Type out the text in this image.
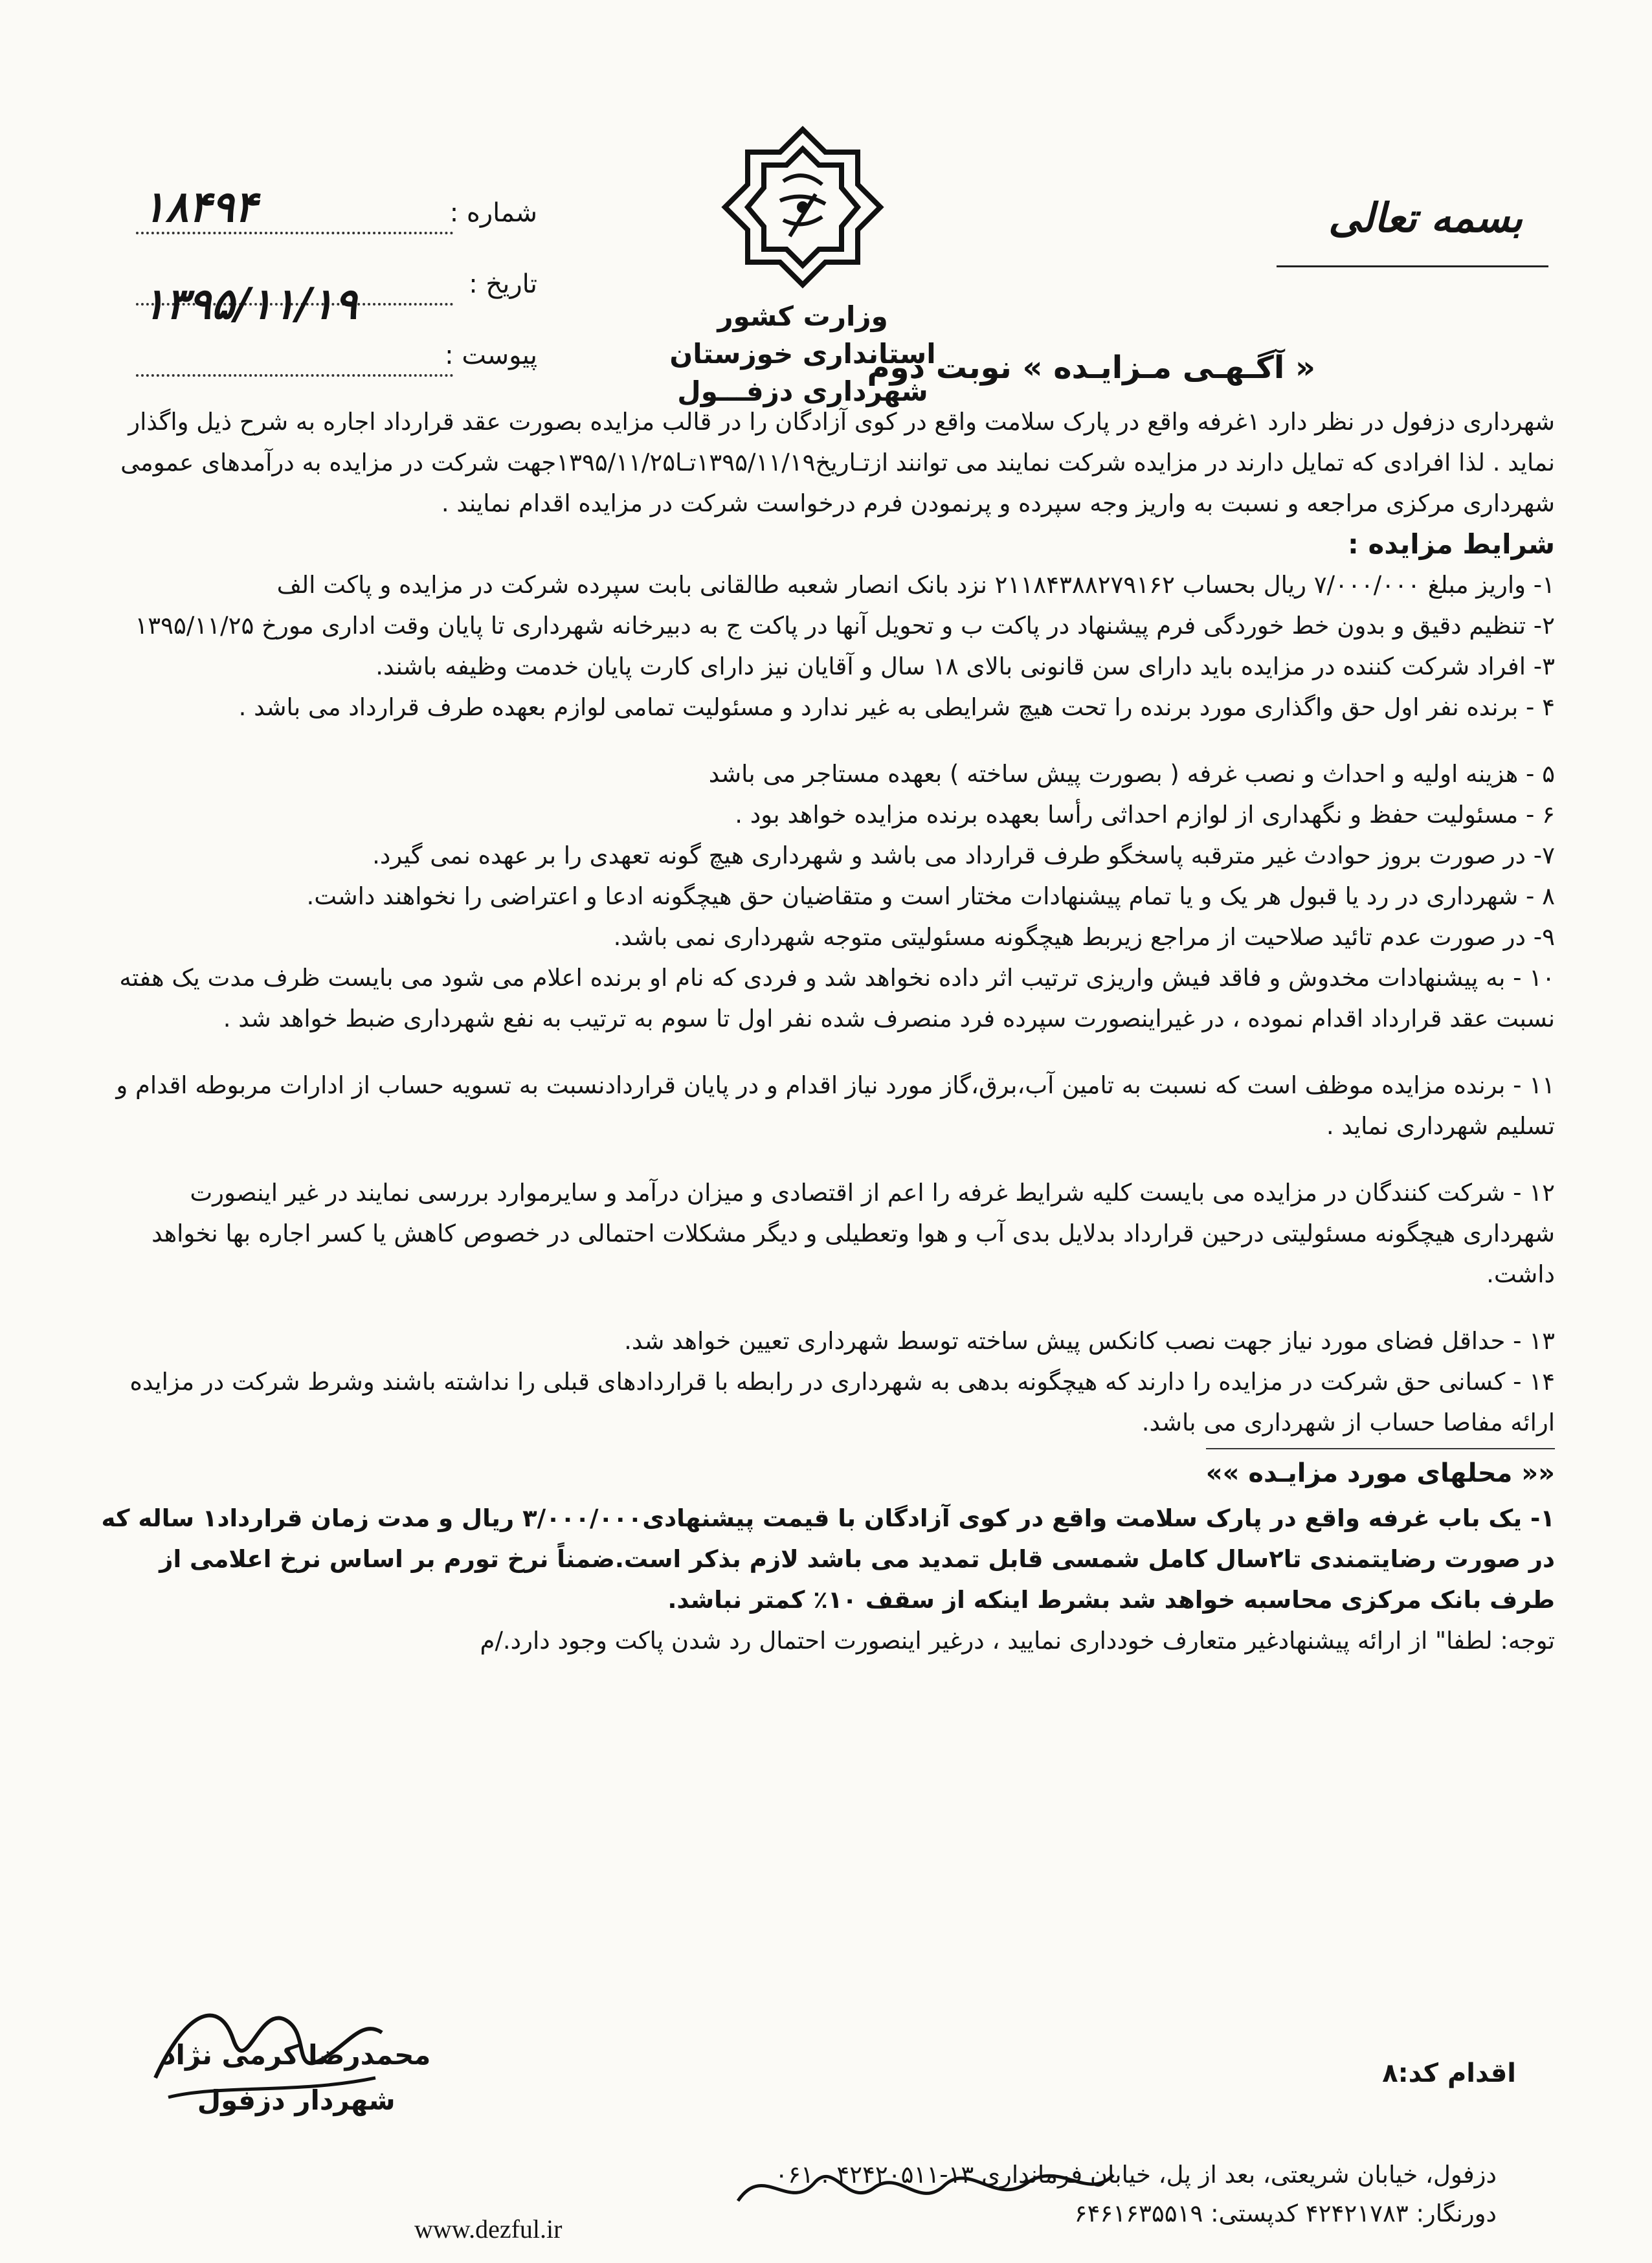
بسمه تعالی
وزارت کشور
استانداری خوزستان
شهرداری دزفـــول
شماره :
۱۸۴۹۴
تاریخ :
۱۳۹۵/۱۱/۱۹
پیوست :	« آگـهـی مـزایـده » نوبت دوم

شهرداری دزفول در نظر دارد ۱غرفه واقع در پارک سلامت واقع در کوی آزادگان را در قالب مزایده بصورت عقد قرارداد اجاره به شرح ذیل واگذار نماید . لذا افرادی که تمایل دارند در مزایده شرکت نمایند می توانند ازتـاریخ۱۳۹۵/۱۱/۱۹تـا۱۳۹۵/۱۱/۲۵جهت شرکت در مزایده به درآمدهای عمومی شهرداری مرکزی مراجعه و نسبت به واریز وجه سپرده و پرنمودن فرم درخواست شرکت در مزایده اقدام نمایند .

شرایط مزایده :

۱- واریز مبلغ ۷/۰۰۰/۰۰۰ ریال بحساب ۲۱۱۸۴۳۸۸۲۷۹۱۶۲ نزد بانک انصار شعبه طالقانی بابت سپرده شرکت در مزایده و پاکت الف

۲- تنظیم دقیق و بدون خط خوردگی فرم پیشنهاد در پاکت ب و تحویل آنها در پاکت ج به دبیرخانه شهرداری تا پایان وقت اداری مورخ ۱۳۹۵/۱۱/۲۵

۳- افراد شرکت کننده در مزایده باید دارای سن قانونی بالای ۱۸ سال و آقایان نیز دارای کارت پایان خدمت وظیفه باشند.

۴ - برنده نفر اول حق واگذاری مورد برنده را تحت هیچ شرایطی به غیر ندارد و مسئولیت تمامی لوازم بعهده طرف قرارداد می باشد .

۵ - هزینه اولیه و احداث و نصب غرفه ( بصورت پیش ساخته ) بعهده مستاجر می باشد

۶ - مسئولیت حفظ و نگهداری از لوازم احداثی رأسا بعهده برنده مزایده خواهد بود .

۷- در صورت بروز حوادث غیر مترقبه پاسخگو طرف قرارداد می باشد و شهرداری هیچ گونه تعهدی را بر عهده نمی گیرد.

۸ - شهرداری در رد یا قبول هر یک و یا تمام پیشنهادات مختار است و متقاضیان حق هیچگونه ادعا و اعتراضی را نخواهند داشت.

۹- در صورت عدم تائید صلاحیت از مراجع زیربط هیچگونه مسئولیتی متوجه شهرداری نمی باشد.

۱۰ - به پیشنهادات مخدوش و فاقد فیش واریزی ترتیب اثر داده نخواهد شد و فردی که نام او برنده اعلام می شود می بایست ظرف مدت یک هفته نسبت عقد قرارداد اقدام نموده ، در غیراینصورت سپرده فرد منصرف شده نفر اول تا سوم به ترتیب به نفع شهرداری ضبط خواهد شد .

۱۱ - برنده مزایده موظف است که نسبت به تامین آب،برق،گاز مورد نیاز اقدام و در پایان قراردادنسبت به تسویه حساب از ادارات مربوطه اقدام و تسلیم شهرداری نماید .

۱۲ - شرکت کنندگان در مزایده می بایست کلیه شرایط غرفه را اعم از اقتصادی و میزان درآمد و سایرموارد بررسی نمایند در غیر اینصورت شهرداری هیچگونه مسئولیتی درحین قرارداد بدلایل بدی آب و هوا وتعطیلی و دیگر مشکلات احتمالی در خصوص کاهش یا کسر اجاره بها نخواهد داشت.

۱۳ - حداقل فضای مورد نیاز جهت نصب کانکس پیش ساخته توسط شهرداری تعیین خواهد شد.

۱۴ - کسانی حق شرکت در مزایده را دارند که هیچگونه بدهی به شهرداری در رابطه با قراردادهای قبلی را نداشته باشند وشرط شرکت در مزایده ارائه مفاصا حساب از شهرداری می باشد.

«« محلهای مورد مزایـده »»

۱- یک باب غرفه واقع در پارک سلامت واقع در کوی آزادگان با قیمت پیشنهادی۳/۰۰۰/۰۰۰ ریال و مدت زمان قرارداد۱ ساله که در صورت رضایتمندی تا۲سال کامل شمسی قابل تمدید می باشد لازم بذکر است.ضمناً نرخ تورم بر اساس نرخ اعلامی از طرف بانک مرکزی محاسبه خواهد شد بشرط اینکه از سقف ۱۰٪ کمتر نباشد.

توجه: لطفا" از ارائه پیشنهادغیر متعارف خودداری نمایید ، درغیر اینصورت احتمال رد شدن پاکت وجود دارد./م

محمدرضا کرمی نژاد
شهردار دزفول
اقدام کد:۸
دزفول، خیابان شریعتی، بعد از پل، خیابان فرمانداری ۱۳-۴۲۴۲۰۵۱۱ . ۰۶۱
دورنگار: ۴۲۴۲۱۷۸۳ کدپستی: ۶۴۶۱۶۳۵۵۱۹
www.dezful.ir
